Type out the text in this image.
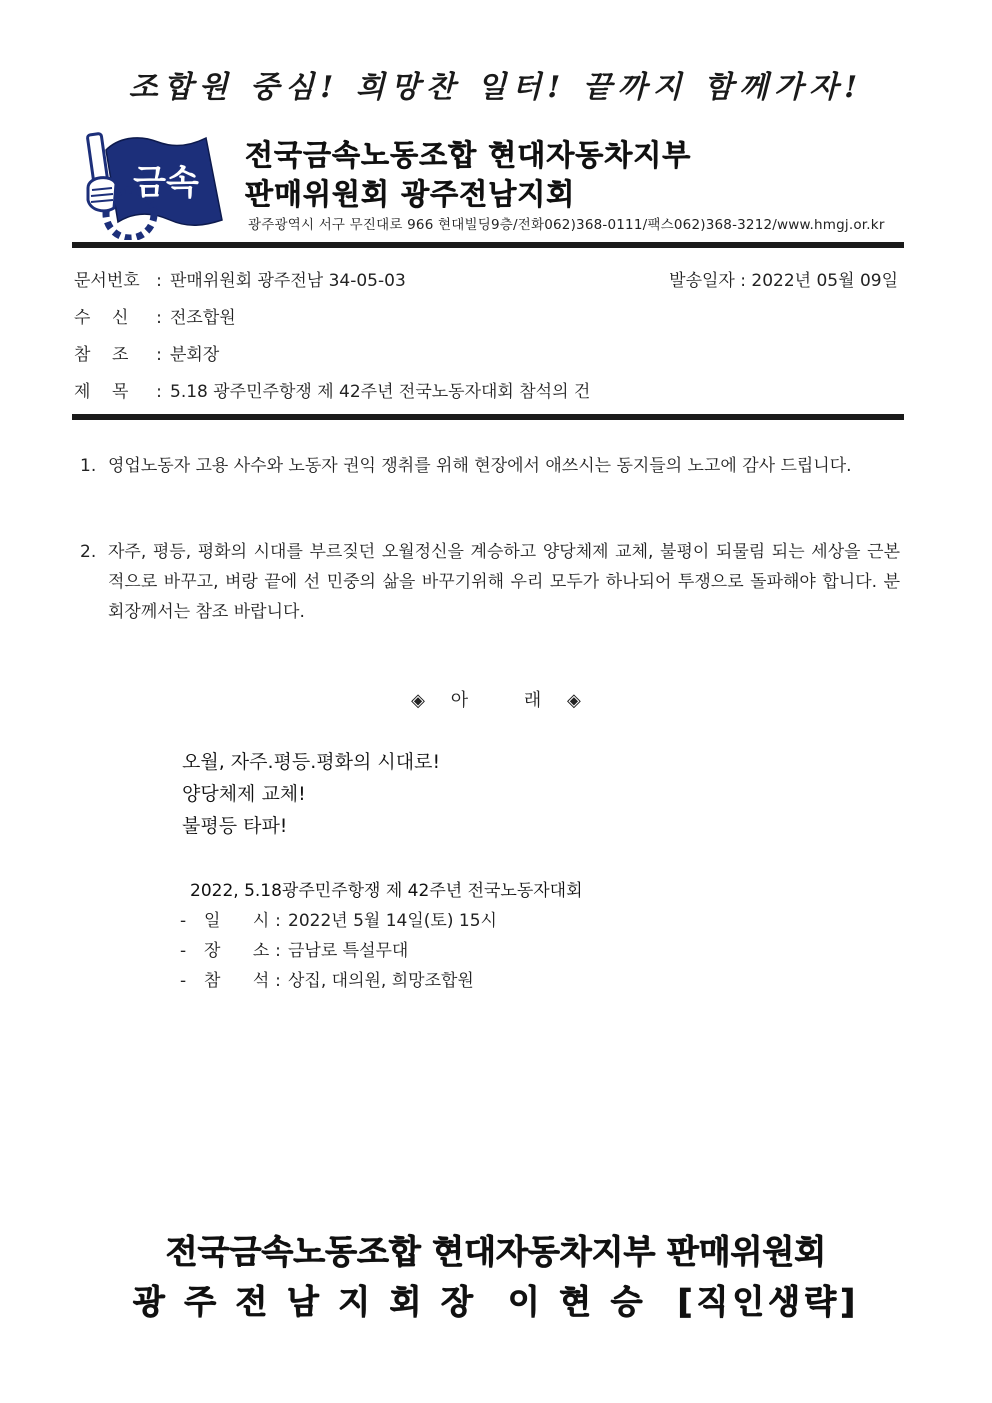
조합원 중심! 희망찬 일터! 끝까지 함께가자!
금속
전국금속노동조합 현대자동차지부
판매위원회 광주전남지회
광주광역시 서구 무진대로 966 현대빌딩9층/전화062)368-0111/팩스062)368-3212/www.hmgj.or.kr
문서번호 : 판매위원회 광주전남 34-05-03	발송일자 : 2022년 05월 09일
수    신 : 전조합원
참    조 : 분회장
제    목 : 5.18 광주민주항쟁 제 42주년 전국노동자대회 참석의 건
1. 영업노동자 고용 사수와 노동자 권익 쟁취를 위해 현장에서 애쓰시는 동지들의 노고에 감사 드립니다.
2. 자주, 평등, 평화의 시대를 부르짖던 오월정신을 계승하고 양당체제 교체, 불평이 되물림 되는 세상을 근본적으로 바꾸고, 벼랑 끝에 선 민중의 삶을 바꾸기위해 우리 모두가 하나되어 투쟁으로 돌파해야 합니다. 분회장께서는 참조 바랍니다.
◈ 아	래 ◈
오월, 자주.평등.평화의 시대로!
양당체제 교체!
불평등 타파!
2022, 5.18광주민주항쟁 제 42주년 전국노동자대회
- 일      시 : 2022년 5월 14일(토) 15시
- 장      소 : 금남로 특설무대
- 참      석 : 상집, 대의원, 희망조합원
전국금속노동조합 현대자동차지부 판매위원회
광 주 전 남 지 회 장  이 현 승  [직인생략]
